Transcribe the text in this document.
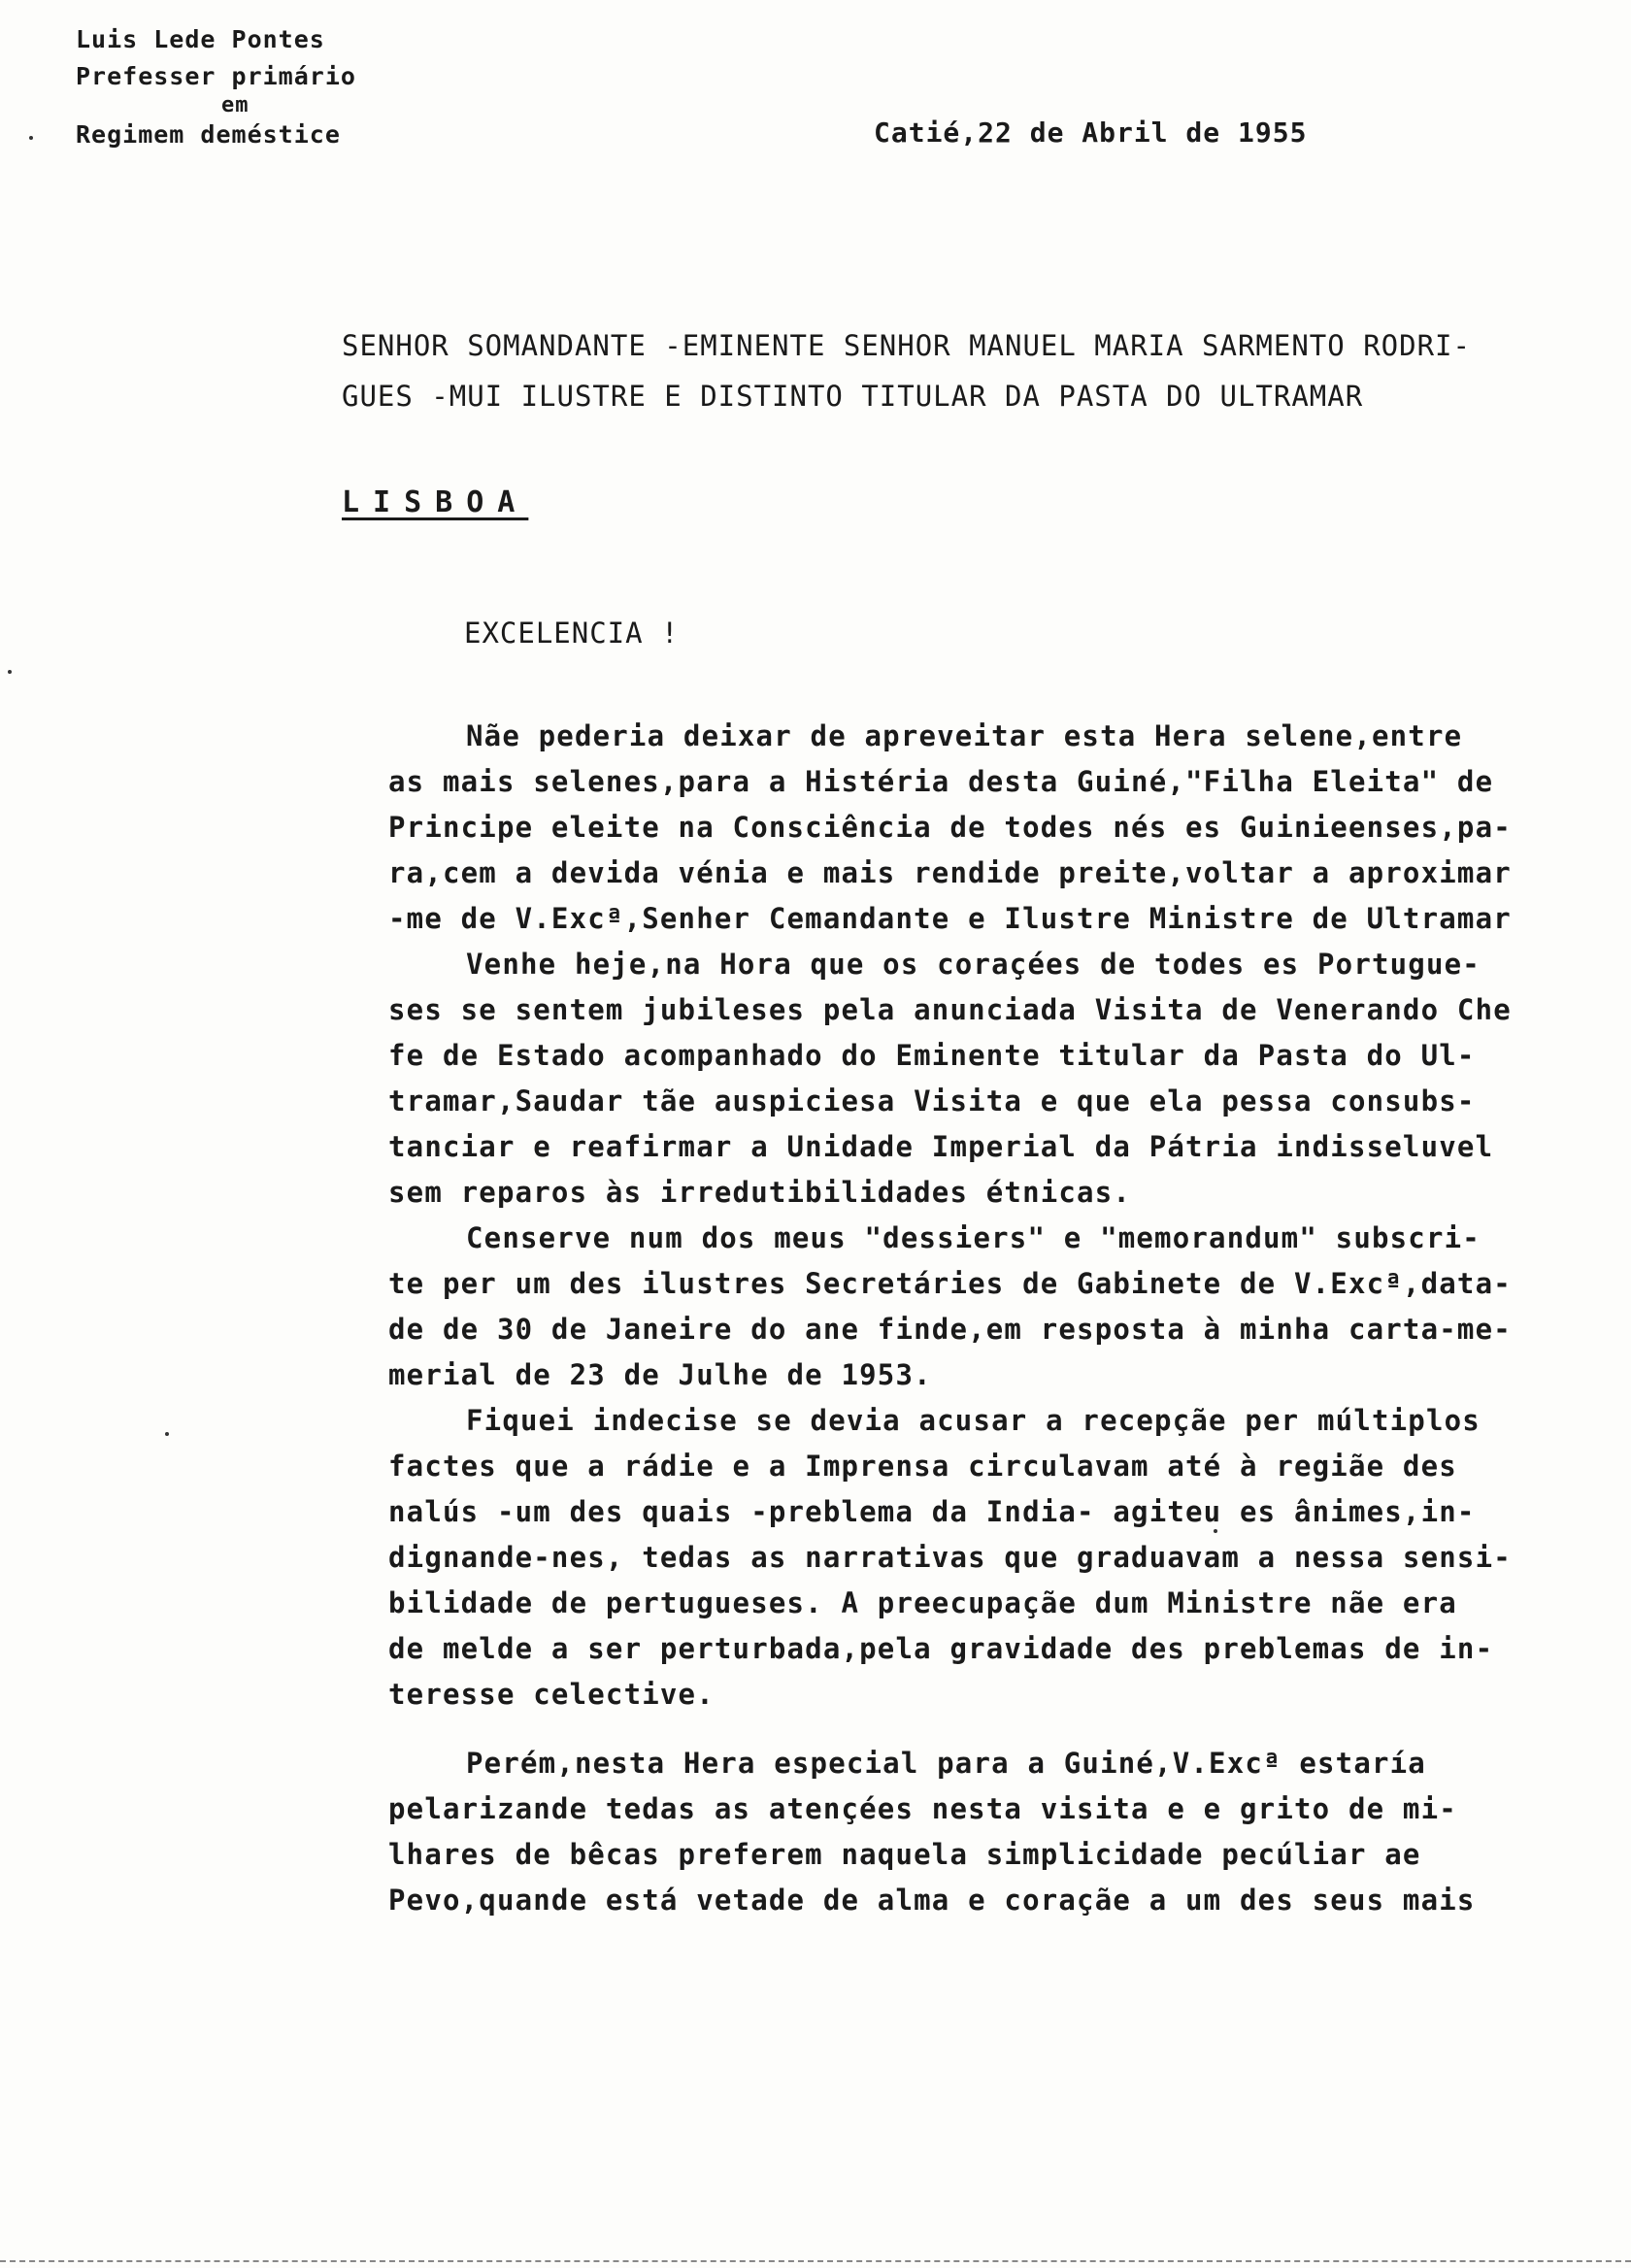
Luis Lede Pontes
Prefesser primário
em
Regimem deméstice	Catié,22 de Abril de 1955
SENHOR SOMANDANTE -EMINENTE SENHOR MANUEL MARIA SARMENTO RODRI-
GUES -MUI ILUSTRE E DISTINTO TITULAR DA PASTA DO ULTRAMAR
LISBOA
EXCELENCIA !
Nãe pederia deixar de apreveitar esta Hera selene,entre
as mais selenes,para a Histéria desta Guiné,"Filha Eleita" de
Principe eleite na Consciência de todes nés es Guinieenses,pa-
ra,cem a devida vénia e mais rendide preite,voltar a aproximar
-me de V.Excª,Senher Cemandante e Ilustre Ministre de Ultramar
Venhe heje,na Hora que os coraçées de todes es Portugue-
ses se sentem jubileses pela anunciada Visita de Venerando Che
fe de Estado acompanhado do Eminente titular da Pasta do Ul-
tramar,Saudar tãe auspiciesa Visita e que ela pessa consubs-
tanciar e reafirmar a Unidade Imperial da Pátria indisseluvel
sem reparos às irredutibilidades étnicas.
Cen​serve num dos meus "dessiers" e "memorandum" subscri-
te per um des ilustres Secretáries de Gabinete de V.Excª,datа-
de de 30 de Janeire do ane finde,em resposta à minha carta-me-
merial de 23 de Julhe de 1953.
Fiquei indecise se devia acusar a recepçãe per múltiplos
factes que a rádie e a Imprensa circulavam até à regiãe des
nalús -um des quais -preblema da India- agiteu es ânimes,in-
dignande-nes, tedas as narrativas que graduavam a nessa sensi-
bilidade de pertugueses. A preecupaçãe dum Ministre nãe era
de melde a ser perturbada,pela gravidade des preblemas de in-
teresse celective.
Perém,nesta Hera especial para a Guiné,V.Excª estaría
pelarizande tedas as atençées nesta visita e e grito de mi-
lhares de bêcas preferem naquela simplicidade pecúliar ae
Pevo,quande está vetade de alma e coraçãe a um des seus mais
